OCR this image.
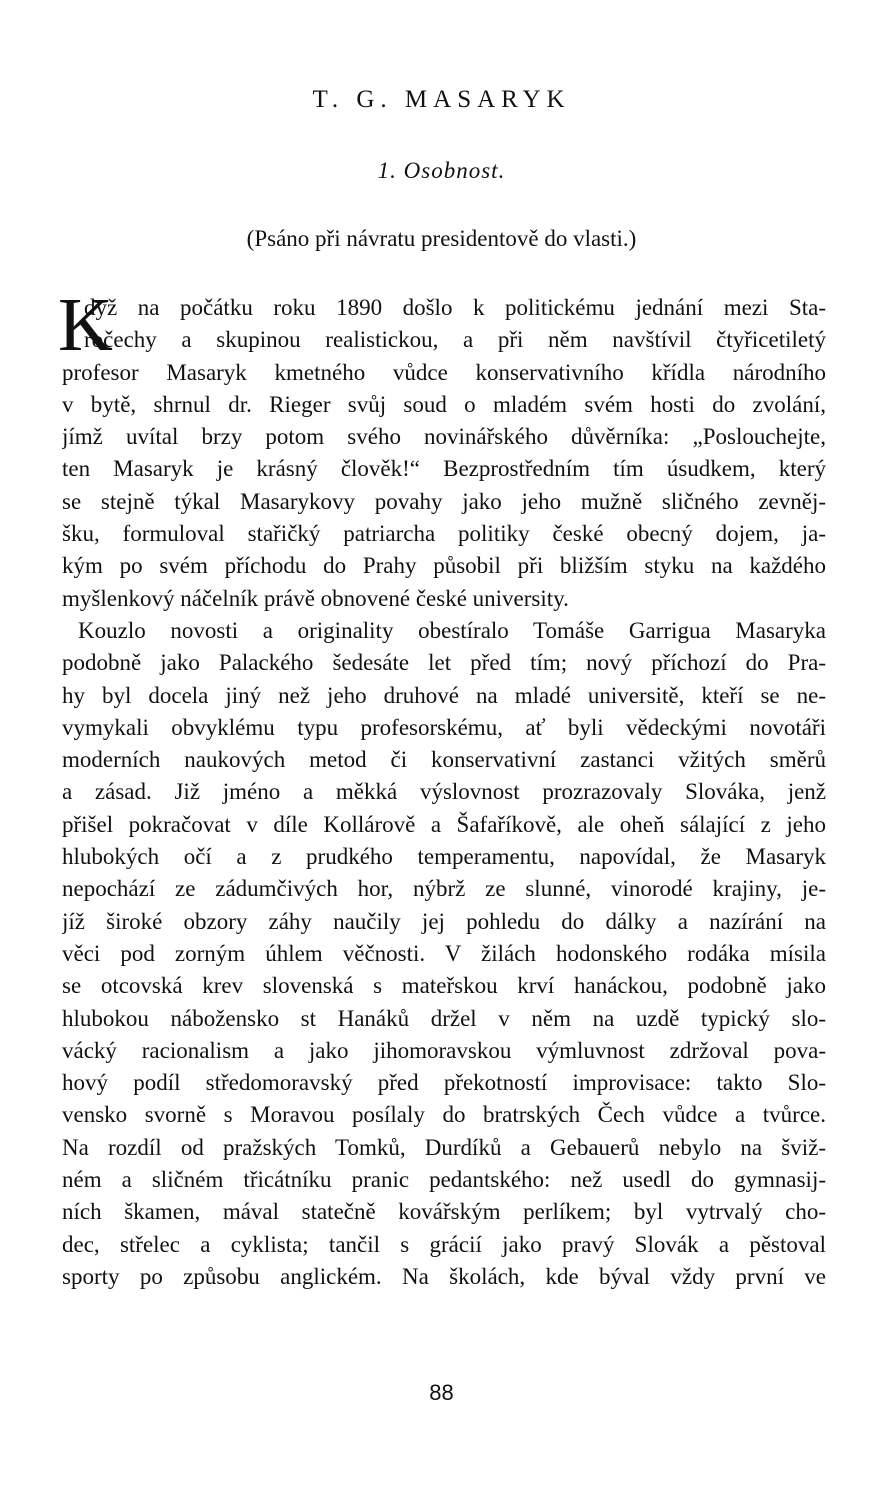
T. G. MASARYK
1. Osobnost.
(Psáno při návratu presidentově do vlasti.)
K
dyž na počátku roku 1890 došlo k politickému jednání mezi Sta-
ročechy a skupinou realistickou, a při něm navštívil čtyřicetiletý
profesor Masaryk kmetného vůdce konservativního křídla národního
v bytě, shrnul dr. Rieger svůj soud o mladém svém hosti do zvolání,
jímž uvítal brzy potom svého novinářského důvěrníka: „Poslouchejte,
ten Masaryk je krásný člověk!“ Bezprostředním tím úsudkem, který
se stejně týkal Masarykovy povahy jako jeho mužně sličného zevněj-
šku, formuloval stařičký patriarcha politiky české obecný dojem, ja-
kým po svém příchodu do Prahy působil při bližším styku na každého
myšlenkový náčelník právě obnovené české university.
Kouzlo novosti a originality obestíralo Tomáše Garrigua Masaryka
podobně jako Palackého šedesáte let před tím; nový příchozí do Pra-
hy byl docela jiný než jeho druhové na mladé universitě, kteří se ne-
vymykali obvyklému typu profesorskému, ať byli vědeckými novotáři
moderních naukových metod či konservativní zastanci vžitých směrů
a zásad. Již jméno a měkká výslovnost prozrazovaly Slováka, jenž
přišel pokračovat v díle Kollárově a Šafaříkově, ale oheň sálající z jeho
hlubokých očí a z prudkého temperamentu, napovídal, že Masaryk
nepochází ze zádumčivých hor, nýbrž ze slunné, vinorodé krajiny, je-
jíž široké obzory záhy naučily jej pohledu do dálky a nazírání na
věci pod zorným úhlem věčnosti. V žilách hodonského rodáka mísila
se otcovská krev slovenská s mateřskou krví hanáckou, podobně jako
hlubokou nábožensko st Hanáků držel v něm na uzdě typický slo-
vácký racionalism a jako jihomoravskou výmluvnost zdržoval pova-
hový podíl středomoravský před překotností improvisace: takto Slo-
vensko svorně s Moravou posílaly do bratrských Čech vůdce a tvůrce.
Na rozdíl od pražských Tomků, Durdíků a Gebauerů nebylo na šviž-
ném a sličném třicátníku pranic pedantského: než usedl do gymnasij-
ních škamen, mával statečně kovářským perlíkem; byl vytrvalý cho-
dec, střelec a cyklista; tančil s grácií jako pravý Slovák a pěstoval
sporty po způsobu anglickém. Na školách, kde býval vždy první ve
88
